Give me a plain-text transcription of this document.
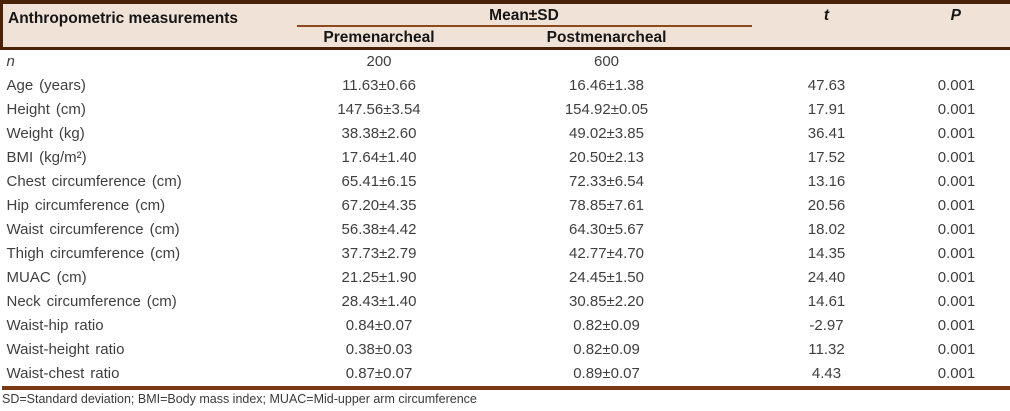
Anthropometric measurements	Mean±SD		t	P
	Premenarcheal	Postmenarcheal		
n	200	600		
Age (years)	11.63±0.66	16.46±1.38	47.63	0.001
Height (cm)	147.56±3.54	154.92±0.05	17.91	0.001
Weight (kg)	38.38±2.60	49.02±3.85	36.41	0.001
BMI (kg/m²)	17.64±1.40	20.50±2.13	17.52	0.001
Chest circumference (cm)	65.41±6.15	72.33±6.54	13.16	0.001
Hip circumference (cm)	67.20±4.35	78.85±7.61	20.56	0.001
Waist circumference (cm)	56.38±4.42	64.30±5.67	18.02	0.001
Thigh circumference (cm)	37.73±2.79	42.77±4.70	14.35	0.001
MUAC (cm)	21.25±1.90	24.45±1.50	24.40	0.001
Neck circumference (cm)	28.43±1.40	30.85±2.20	14.61	0.001
Waist-hip ratio	0.84±0.07	0.82±0.09	-2.97	0.001
Waist-height ratio	0.38±0.03	0.82±0.09	11.32	0.001
Waist-chest ratio	0.87±0.07	0.89±0.07	4.43	0.001
SD=Standard deviation; BMI=Body mass index; MUAC=Mid-upper arm circumference
